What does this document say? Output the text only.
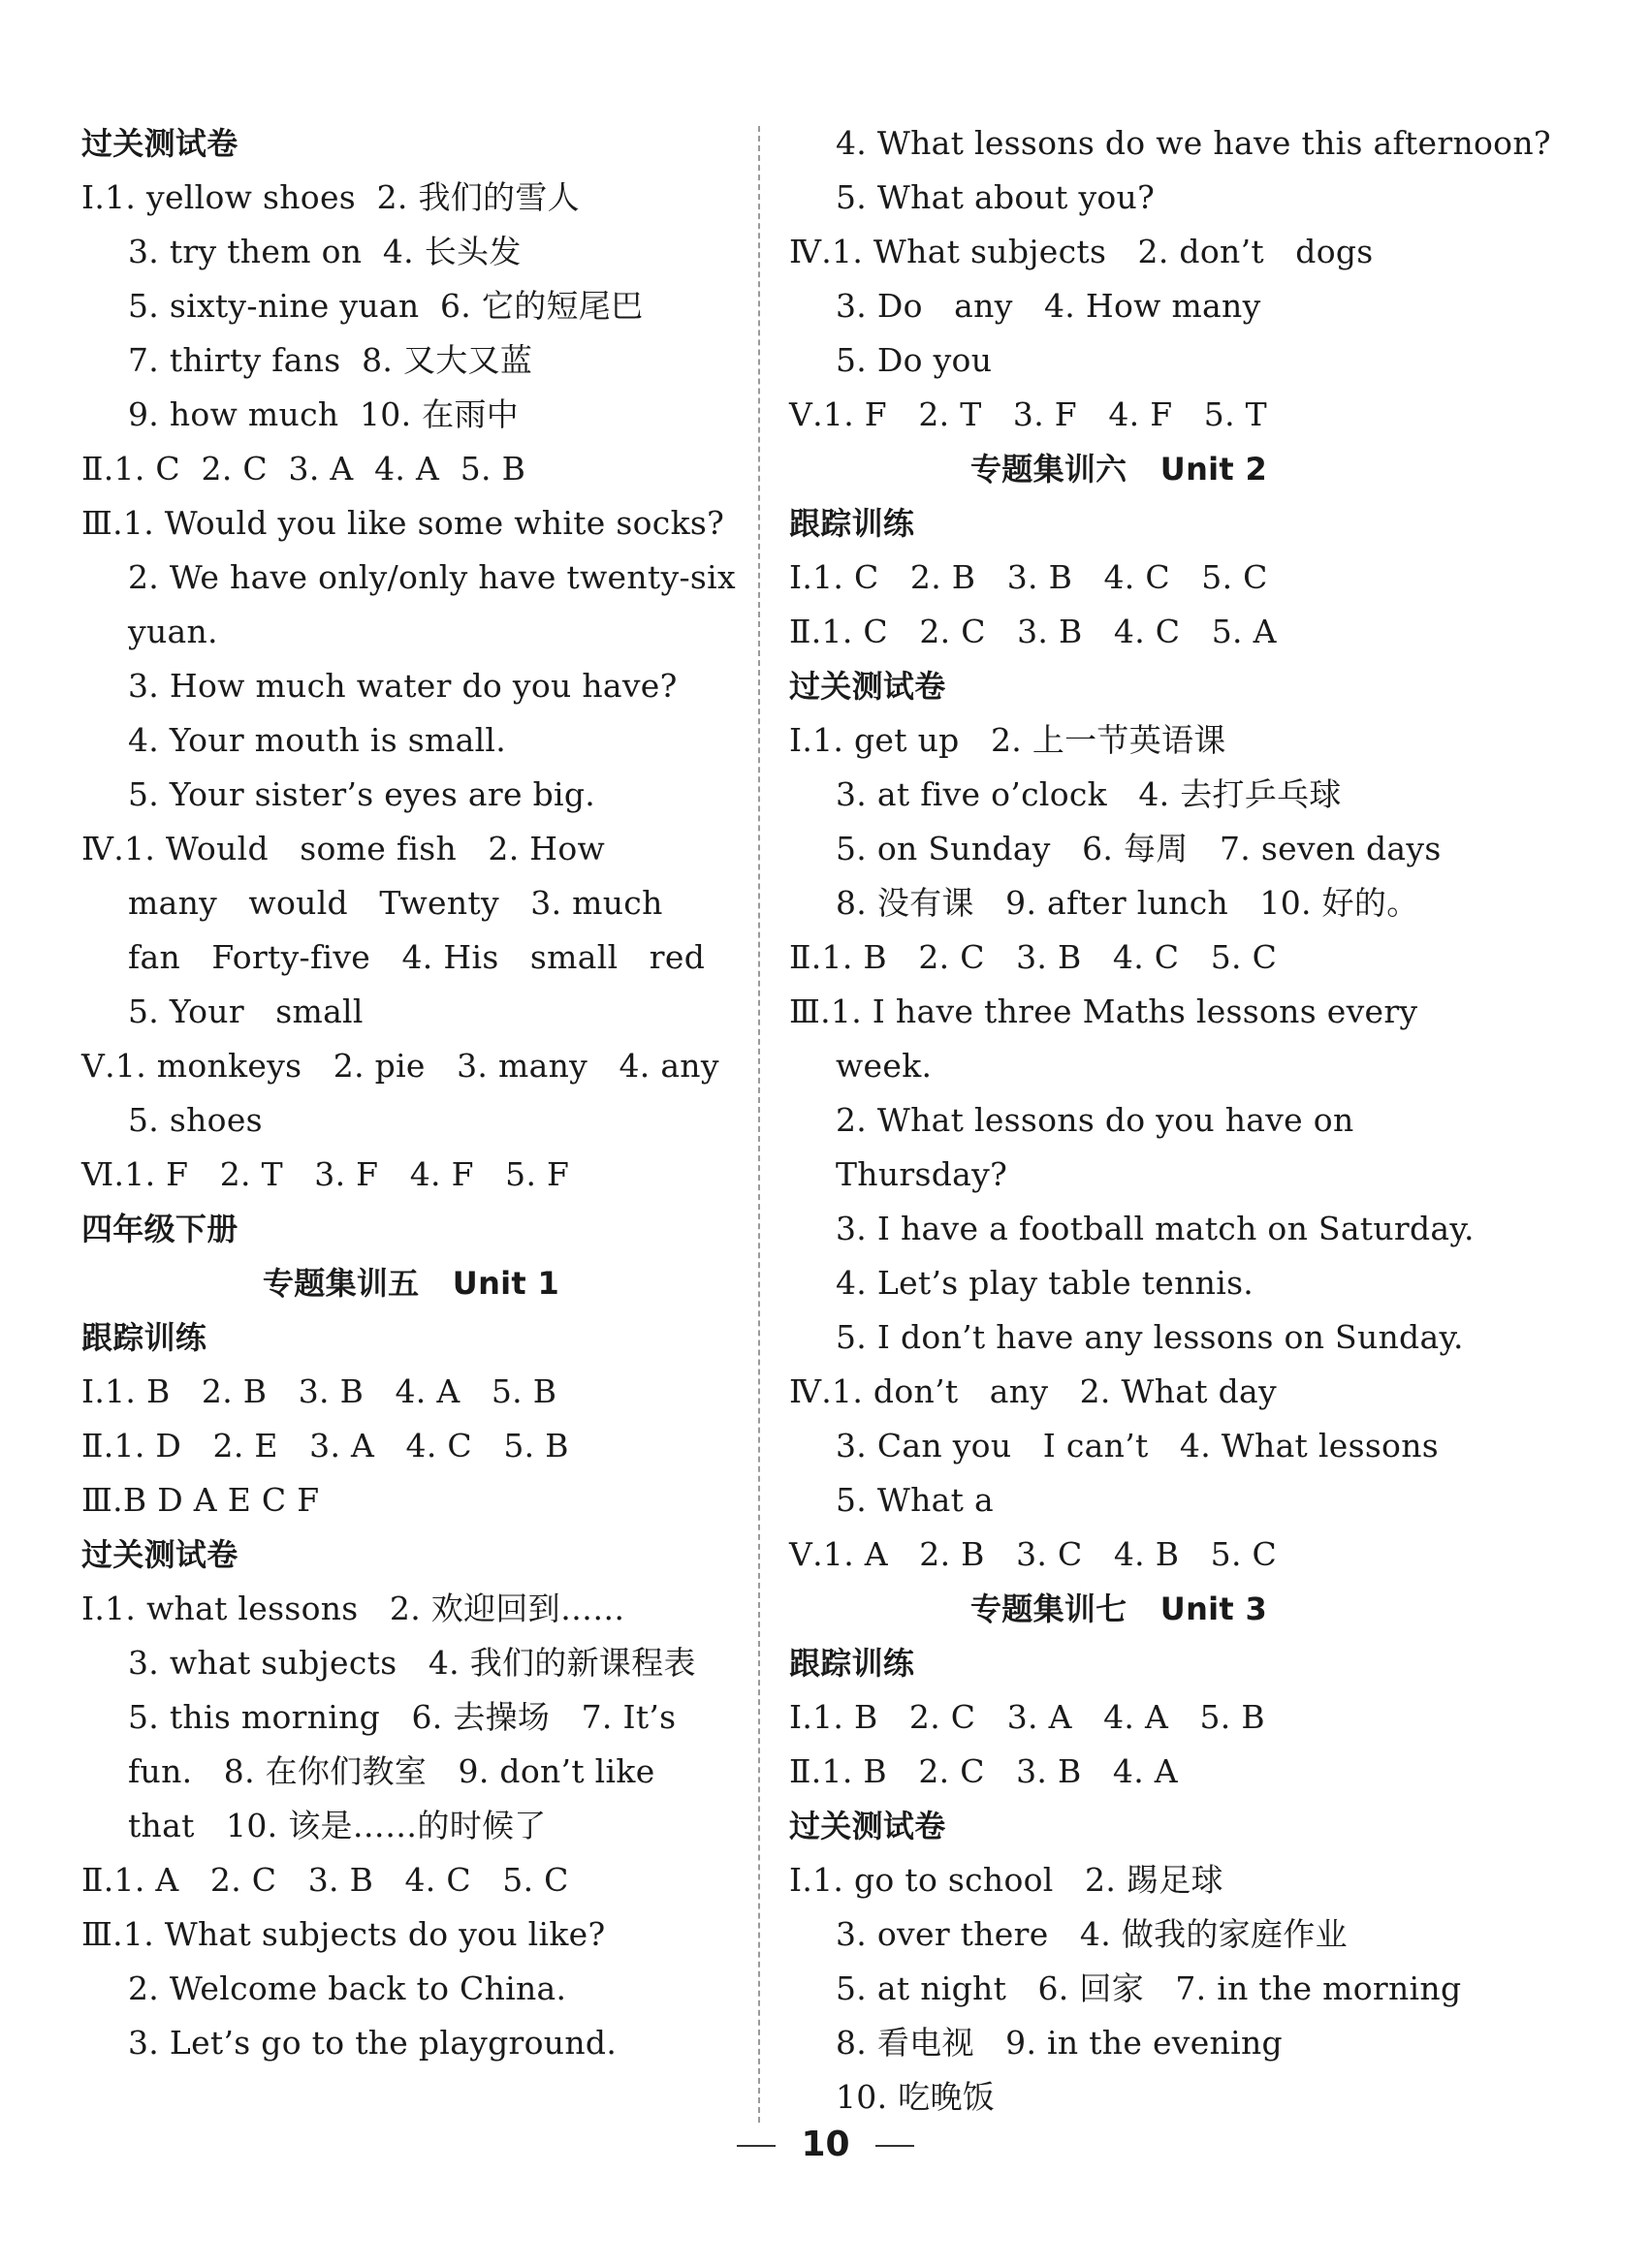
过关测试卷
Ⅰ.1. yellow shoes  2. 我们的雪人
3. try them on  4. 长头发
5. sixty-nine yuan  6. 它的短尾巴
7. thirty fans  8. 又大又蓝
9. how much  10. 在雨中
Ⅱ.1. C  2. C  3. A  4. A  5. B
Ⅲ.1. Would you like some white socks?
2. We have only/only have twenty-six
yuan.
3. How much water do you have?
4. Your mouth is small.
5. Your sister’s eyes are big.
Ⅳ.1. Would   some fish   2. How
many   would   Twenty   3. much
fan   Forty-five   4. His   small   red
5. Your   small
Ⅴ.1. monkeys   2. pie   3. many   4. any
5. shoes
Ⅵ.1. F   2. T   3. F   4. F   5. F
四年级下册
专题集训五   Unit 1
跟踪训练
Ⅰ.1. B   2. B   3. B   4. A   5. B
Ⅱ.1. D   2. E   3. A   4. C   5. B
Ⅲ.B D A E C F
过关测试卷
Ⅰ.1. what lessons   2. 欢迎回到……
3. what subjects   4. 我们的新课程表
5. this morning   6. 去操场   7. It’s
fun.   8. 在你们教室   9. don’t like
that   10. 该是……的时候了
Ⅱ.1. A   2. C   3. B   4. C   5. C
Ⅲ.1. What subjects do you like?
2. Welcome back to China.
3. Let’s go to the playground.
4. What lessons do we have this afternoon?
5. What about you?
Ⅳ.1. What subjects   2. don’t   dogs
3. Do   any   4. How many
5. Do you
Ⅴ.1. F   2. T   3. F   4. F   5. T
专题集训六   Unit 2
跟踪训练
Ⅰ.1. C   2. B   3. B   4. C   5. C
Ⅱ.1. C   2. C   3. B   4. C   5. A
过关测试卷
Ⅰ.1. get up   2. 上一节英语课
3. at five o’clock   4. 去打乒乓球
5. on Sunday   6. 每周   7. seven days
8. 没有课   9. after lunch   10. 好的。
Ⅱ.1. B   2. C   3. B   4. C   5. C
Ⅲ.1. I have three Maths lessons every
week.
2. What lessons do you have on
Thursday?
3. I have a football match on Saturday.
4. Let’s play table tennis.
5. I don’t have any lessons on Sunday.
Ⅳ.1. don’t   any   2. What day
3. Can you   I can’t   4. What lessons
5. What a
Ⅴ.1. A   2. B   3. C   4. B   5. C
专题集训七   Unit 3
跟踪训练
Ⅰ.1. B   2. C   3. A   4. A   5. B
Ⅱ.1. B   2. C   3. B   4. A
过关测试卷
Ⅰ.1. go to school   2. 踢足球
3. over there   4. 做我的家庭作业
5. at night   6. 回家   7. in the morning
8. 看电视   9. in the evening
10. 吃晚饭
10
